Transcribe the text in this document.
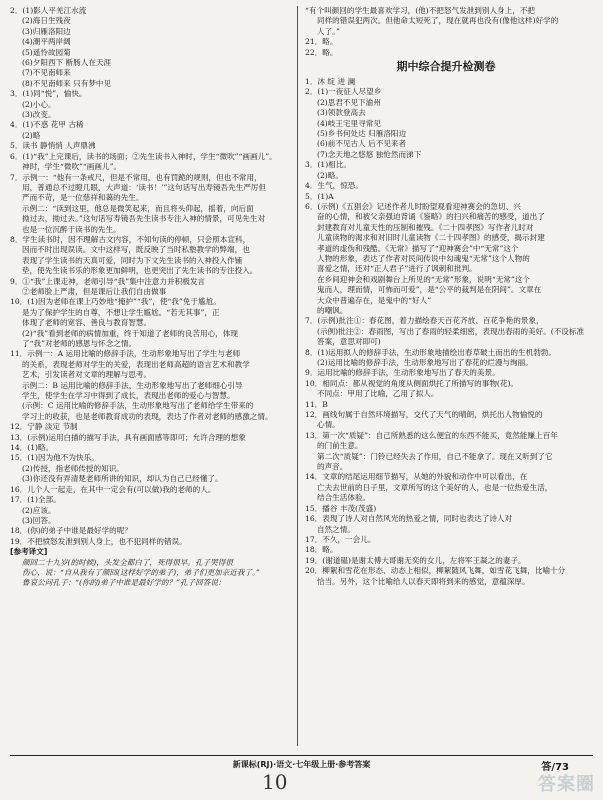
2．(1)影人平羌江水流
(2)海日生残夜
(3)归雁洛阳边
(4)潮平两岸阔
(5)遥怜故园菊
(6)夕阳西下 断肠人在天涯
(7)不见南师来
(8)不见南师来 只有梦中见
3．(1)同“悦”，愉快。
(2)小心。
(3)改变。
4．(1)不惑 花甲 古稀
(2)略
5．读书 静悄悄 人声鼎沸
6．(1)“我”上完课后，读书的场面；②先生读书入神时，学生“微吹”“画画儿”。
神时，学生“微吹”“画画儿”。
7．示例一：“他有一条戒尺，但是不常用，也有罚跪的规则，但也不常用，
用，普通总不过瞪几眼，大声道：‘读书！’”这句话写出寿镜吾先生严厉但
严而不苛，是一位慈祥和蔼的先生。
示例二：“读到这里，他总是微笑起来，而且将头仰起，摇着，向后面
拗过去，拗过去。”这句话写寿镜吾先生读书专注入神的情景，可见先生对
也是一位沉醉于读书的先生。
8．学生读书时，因不理解古文内容，不知句读的停顿，只会照本宣科，
因而不时出现误读。文中这样写，既反映了当时私塾教学的弊端，也
表现了学生读书的天真可爱，同时为下文先生读书的入神投入作铺
垫，使先生读书乐的形象更加鲜明，也更突出了先生读书的专注投入。
9．①“我”上课走神，老师引导“我”集中注意力并积极发言
②老师脸上严肃，但是课后让我们自由做事
10．(1)因为老师在课上巧妙地“掩护”“我”，使“我”免于尴尬。
是为了保护学生的自尊，不想让学生尴尬。“若无其事”，正
体现了老师的宽容、善良与教育智慧。
(2)“我”看到老师的病情加重，终于知道了老师的良苦用心，体现
了“我”对老师的感恩与怀念之情。
11．示例一：A 运用比喻的修辞手法，生动形象地写出了学生与老师
的关系，表现老师对学生的关爱，表现出老师高超的语言艺术和教学
艺术，引发读者对文章的理解与思考。
示例二：B 运用比喻的修辞手法，生动形象地写出了老师细心引导
学生，使学生在学习中得到了成长，表现出老师的爱心与智慧。
(示例：C 运用比喻的修辞手法，生动形象地写出了老师给学生带来的
学习上的收获，也是老师教育成功的表现，表达了作者对老师的感激之情。
12．宁静 淡定 节制
13．(示例)运用白描的描写手法，具有画面感等即可；允许合理的想象
14．(1)略。
15．(1)因为他不为快乐。
(2)传授，指老师传授的知识。
(3)你还没有弄清楚老师所讲的知识，却认为自己已经懂了。
16．儿个人一起走，在其中一定会有(可以做)我的老师的人。
17．(1)全部。
(2)应该。
(3)回答。
18．(你)的弟子中谁是最好学的呢？
19．不把愤怒发泄到别人身上，也不犯同样的错误。
[参考译文]
颜回二十九岁(的时候)，头发全都白了，死得很早。孔子哭得很
伤心，说：“自从我有了颜回(这样好学的弟子)，弟子们更加亲近我了。”
鲁哀公问孔子：“(你的)弟子中谁是最好学的？”孔子回答说：
“有个叫颜回的学生最喜欢学习，(他)不把怒气发泄到别人身上，不把
同样的错误犯两次。但他命太短死了，现在就再也没有(像他这样)好学的
人了。”
21．略。
22．略。
期中综合提升检测卷
1．沐 绽 迸 澜
2．(1)一夜征人尽望乡
(2)思君不见下渝州
(3)领款登高去
(4)岐王宅里寻常见
(5)乡书何处达 归雁洛阳边
(6)前不见古人 后不见来者
(7)念天地之悠悠 独怆然而涕下
3．(1)相比。
(2)略。
4．生气，惊恐。
5．(1)A
6．(示例)《五猖会》记述作者儿时盼望观看迎神赛会的急切、兴
奋的心情，和被父亲强迫背诵《鉴略》的扫兴和痛苦的感受，道出了
封建教育对儿童天性的压制和摧残。《二十四孝图》写作者儿时对
儿童读物的渴求和对旧时儿童读物《二十四孝图》的感受，揭示封建
孝道的虚伪和残酷。《无常》描写了“迎神赛会”中“无常”这个
人物的形象，表达了作者对民间传说中勾魂鬼“无常”这个人物的
喜爱之情，还对“正人君子”进行了讽刺和批判。
在乡间迎神会和戏剧舞台上所见的“无常”形象，说明“无常”这个
鬼而人，理而情，可怖而可爱”，是“公平的裁判是在阴间”。文章在
大众中普遍存在，是鬼中的“好人”
的嘲讽。
7．(示例)批注①：春花图，着力描绘春天百花齐放、百花争艳的景象，
(示例)批注②：春雨图，写出了春雨的轻柔细密，表现出春雨的美好。(不设标准
答案，意思对即可)
8．(1)运用拟人的修辞手法，生动形象地描绘出春草破土而出的生机勃勃。
(2)运用比喻的修辞手法，生动形象地写出了春花的烂漫与绚丽。
9．运用比喻的修辞手法，生动形象地写出了春天的美景。
10．相同点：都从视觉的角度从侧面烘托了所描写的事物(花)。
不同点：甲用了比喻，乙用了拟人。
11．B
12．画线句属于自然环境描写，交代了天气的晴朗，烘托出人物愉悦的
心情。
13．第一次“质疑”：自己所熟悉的这么便宜的东西不能买，竟然能赚上百年
的门前生意。
第二次“质疑”：门铃已经失去了作用，自己不能拿了。现在又听到了它
的声音。
14．文章的结尾运用细节描写，从她的外貌和动作中可以看出，在
亡夫去世前的日子里，文章所写的这个美好的人，也是一位热爱生活，
结合生活体验。
15．播谷 丰茂(茂盛)
16．表现了诗人对自然风光的热爱之情，同时也表达了诗人对
自然之情。
17．不久，一会儿。
18．略。
19．(谢道韫)是谢太傅大哥谢无奕的女儿，左将军王凝之的妻子。
20．柳絮和雪花在形态、动态上相似，柳絮随风飞舞，如雪花飞舞，比喻十分
恰当。另外，这个比喻给人以春天即将到来的感觉，意蕴深厚。
新课标(RJ)·语文·七年级上册·参考答案	答/73
10	答案圈
